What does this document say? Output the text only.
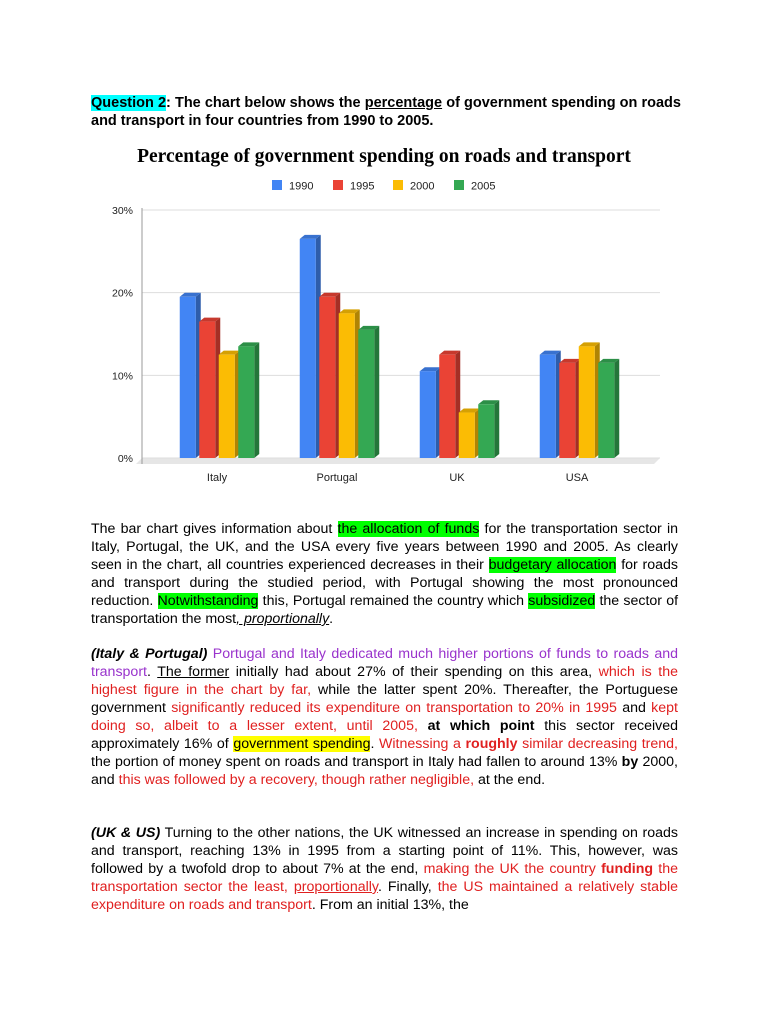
Question 2: The chart below shows the percentage of government spending on roads and transport in four countries from 1990 to 2005.
Percentage of government spending on roads and transport
0%
10%
20%
30%
1990	1995	2000	2005
Italy	Portugal	UK	USA
The bar chart gives information about the allocation of funds for the transportation sector in Italy, Portugal, the UK, and the USA every five years between 1990 and 2005. As clearly seen in the chart, all countries experienced decreases in their budgetary allocation for roads and transport during the studied period, with Portugal showing the most pronounced reduction. Notwithstanding this, Portugal remained the country which subsidized the sector of transportation the most, proportionally.
(Italy & Portugal) Portugal and Italy dedicated much higher portions of funds to roads and transport. The former initially had about 27% of their spending on this area, which is the highest figure in the chart by far, while the latter spent 20%. Thereafter, the Portuguese government significantly reduced its expenditure on transportation to 20% in 1995 and kept doing so, albeit to a lesser extent, until 2005, at which point this sector received approximately 16% of government spending. Witnessing a roughly similar decreasing trend, the portion of money spent on roads and transport in Italy had fallen to around 13% by 2000, and this was followed by a recovery, though rather negligible, at the end.
(UK & US) Turning to the other nations, the UK witnessed an increase in spending on roads and transport, reaching 13% in 1995 from a starting point of 11%. This, however, was followed by a twofold drop to about 7% at the end, making the UK the country funding the transportation sector the least, proportionally. Finally, the US maintained a relatively stable expenditure on roads and transport. From an initial 13%, the
